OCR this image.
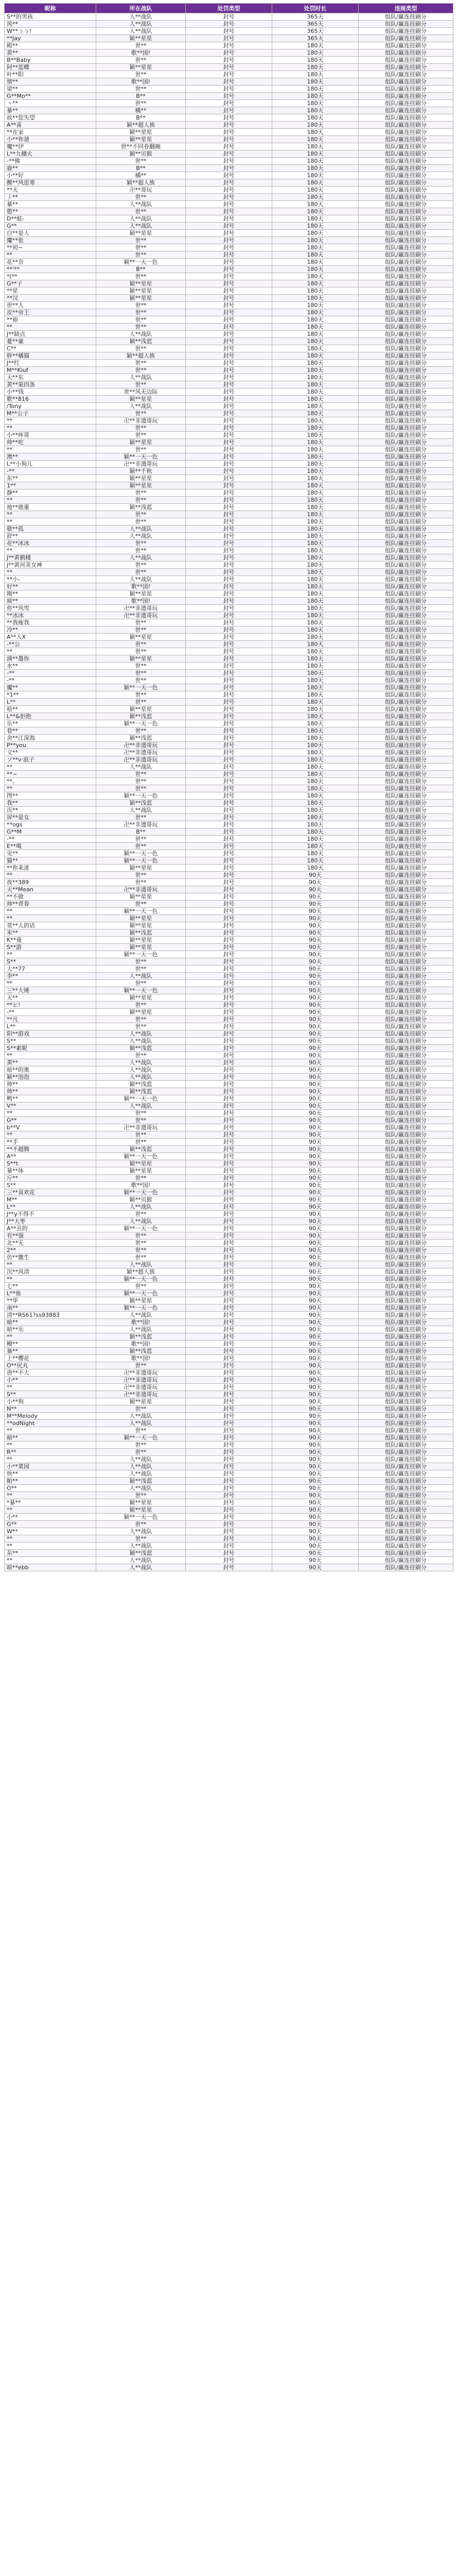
昵称	所在战队	处罚类型	处罚时长	违规类型
S**的男孩	人**战队	封号	365天	组队/赢连挂刷分
风**	人**战队	封号	365天	组队/赢连挂刷分
W**ㄋㄋ!	人**战队	封号	365天	组队/赢连挂刷分
**Jay	颖**星星	封号	365天	组队/赢连挂刷分
殿**	世**	封号	180天	组队/赢连挂刷分
黄**	歌**国!	封号	180天	组队/赢连挂刷分
B**Baby	世**	封号	180天	组队/赢连挂刷分
阿**蓝蝶	颖**星星	封号	180天	组队/赢连挂刷分
叶**阳	世**	封号	180天	组队/赢连挂刷分
情**	歌**国!	封号	180天	组队/赢连挂刷分
梁**	世**	封号	180天	组队/赢连挂刷分
G**Mo**	B**	封号	180天	组队/赢连挂刷分
丶**	世**	封号	180天	组队/赢连挂刷分
暴**	橘**	封号	180天	组队/赢连挂刷分
故**您失望	B**	封号	180天	组队/赢连挂刷分
A**喜	颖**超人族	封号	180天	组队/赢连挂刷分
**在家	颖**星星	封号	180天	组队/赢连挂刷分
小**你爸	颖**星星	封号	180天	组队/赢连挂刷分
魔**伊	世**不同卷翻碗	封号	180天	组队/赢连挂刷分
L**九穗火	颖**贝猴	封号	180天	组队/赢连挂刷分
-**佛	世**	封号	180天	组队/赢连挂刷分
鹿**	B**	封号	180天	组队/赢连挂刷分
小**好	橘**	封号	180天	组队/赢连挂刷分
醒**风思寒	颖**超人族	封号	180天	组队/赢连挂刷分
**天	卍**哥玩	封号	180天	组队/赢连挂刷分
丿**	世**	封号	180天	组队/赢连挂刷分
暴**	人**战队	封号	180天	组队/赢连挂刷分
憨**	世**	封号	180天	组队/赢连挂刷分
D**蛙-	人**战队	封号	180天	组队/赢连挂刷分
G**	人**战队	封号	180天	组队/赢连挂刷分
白**是人	颖**星星	封号	180天	组队/赢连挂刷分
魔**张	世**	封号	180天	组队/赢连挂刷分
**初~	世**	封号	180天	组队/赢连挂刷分
**	世**	封号	180天	组队/赢连挂刷分
花**奈	颖**一天一色	封号	180天	组队/赢连挂刷分
**'**	B**	封号	180天	组队/赢连挂刷分
*(**	世**	封号	180天	组队/赢连挂刷分
G**子	颖**星星	封号	180天	组队/赢连挂刷分
**星	颖**星星	封号	180天	组队/赢连挂刷分
**汉	颖**星星	封号	180天	组队/赢连挂刷分
世**人	世**	封号	180天	组队/赢连挂刷分
皮**帝王	世**	封号	180天	组队/赢连挂刷分
**裕	世**	封号	180天	组队/赢连挂刷分
**	世**	封号	180天	组队/赢连挂刷分
J**缺点	人**战队	封号	180天	组队/赢连挂刷分
憂**豪	颖**浅蓝	封号	180天	组队/赢连挂刷分
C**	世**	封号	180天	组队/赢连挂刷分
胖**橘猫	颖**超人族	封号	180天	组队/赢连挂刷分
J**红	世**	封号	180天	组队/赢连挂刷分
M**Kiuf	世**	封号	180天	组队/赢连挂刷分
天**东	人**战队	封号	180天	组队/赢连挂刷分
黄**第四条	世**	封号	180天	组队/赢连挂刷分
小**钱	世**风无边际	封号	180天	组队/赢连挂刷分
歌**816	颖**星星	封号	180天	组队/赢连挂刷分
/Tony	人**战队	封号	180天	组队/赢连挂刷分
M**公子	世**	封号	180天	组队/赢连挂刷分
**	卍**非遗哥玩	封号	180天	组队/赢连挂刷分
**	世**	封号	180天	组队/赢连挂刷分
小**疼哥	世**	封号	180天	组队/赢连挂刷分
帅**吃	颖**星星	封号	180天	组队/赢连挂刷分
**	世**	封号	180天	组队/赢连挂刷分
澳**	颖**一天一色	封号	180天	组队/赢连挂刷分
L**小狗儿	卍**非遗哥玩	封号	180天	组队/赢连挂刷分
-**	颖**千秋	封号	180天	组队/赢连挂刷分
东**	颖**星星	封号	180天	组队/赢连挂刷分
1**	颖**星星	封号	180天	组队/赢连挂刷分
静**	世**	封号	180天	组队/赢连挂刷分
**	世**	封号	180天	组队/赢连挂刷分
地**就重	颖**浅蓝	封号	180天	组队/赢连挂刷分
**	世**	封号	180天	组队/赢连挂刷分
**	世**	封号	180天	组队/赢连挂刷分
敬**孤	人**战队	封号	180天	组队/赢连挂刷分
舒**	人**战队	封号	180天	组队/赢连挂刷分
花**冰冰	世**	封号	180天	组队/赢连挂刷分
**	世**	封号	180天	组队/赢连挂刷分
J**黄鹤楼	人**战队	封号	180天	组队/赢连挂刷分
j**黄河美女神	世**	封号	180天	组队/赢连挂刷分
**	世**	封号	180天	组队/赢连挂刷分
**小-	人**战队	封号	180天	组队/赢连挂刷分
好**	歌**国!	封号	180天	组队/赢连挂刷分
刚**	颖**星星	封号	180天	组队/赢连挂刷分
疯**	歌**国!	封号	180天	组队/赢连挂刷分
你**风雪	卍**非遗哥玩	封号	180天	组队/赢连挂刷分
**冰冰	卍**非遗哥玩	封号	180天	组队/赢连挂刷分
**我瘦我	世**	封号	180天	组队/赢连挂刷分
冷**	世**	封号	180天	组队/赢连挂刷分
A**人X	颖**星星	封号	180天	组队/赢连挂刷分
-**公	世**	封号	180天	组队/赢连挂刷分
**	世**	封号	180天	组队/赢连挂刷分
满**墨你	颖**星星	封号	180天	组队/赢连挂刷分
水**	世**	封号	180天	组队/赢连挂刷分
-**	世**	封号	180天	组队/赢连挂刷分
-**	世**	封号	180天	组队/赢连挂刷分
魔**	颖**一天一色	封号	180天	组队/赢连挂刷分
*1**	世**	封号	180天	组队/赢连挂刷分
L**	世**	封号	180天	组队/赢连挂刷分
哈**	颖**星星	封号	180天	组队/赢连挂刷分
L**&拒绝	颖**浅蓝	封号	180天	组队/赢连挂刷分
乐**	颖**一天一色	封号	180天	组队/赢连挂刷分
巷**	世**	封号	180天	组队/赢连挂刷分
舍**江深海	颖**浅蓝	封号	180天	组队/赢连挂刷分
P**you	卍**非遗哥玩	封号	180天	组队/赢连挂刷分
文**	卍**非遗哥玩	封号	180天	组队/赢连挂刷分
ソ**v·浪子	卍**非遗哥玩	封号	180天	组队/赢连挂刷分
**	人**战队	封号	180天	组队/赢连挂刷分
**~	世**	封号	180天	组队/赢连挂刷分
**。	世**	封号	180天	组队/赢连挂刷分
**	世**	封号	180天	组队/赢连挂刷分
图**	颖**一天一色	封号	180天	组队/赢连挂刷分
我**	颖**浅蓝	封号	180天	组队/赢连挂刷分
沉**	人**战队	封号	180天	组队/赢连挂刷分
屏**是女	世**	封号	180天	组队/赢连挂刷分
**ogs	卍**非遗哥玩	封号	180天	组队/赢连挂刷分
G**M	B**	封号	180天	组队/赢连挂刷分
-**	世**	封号	180天	组队/赢连挂刷分
E**喝	世**	封号	180天	组队/赢连挂刷分
见**	颖**一天一色	封号	180天	组队/赢连挂刷分
猫**	颖**一天一色	封号	180天	组队/赢连挂刷分
**你来迷	颖**星星	封号	180天	组队/赢连挂刷分
**	世**	封号	90天	组队/赢连挂刷分
夜**389	世**	封号	90天	组队/赢连挂刷分
天**Mean	卍**非遗哥玩	封号	90天	组队/赢连挂刷分
**不做	颖**星星	封号	90天	组队/赢连挂刷分
帅**青春	世**	封号	90天	组队/赢连挂刷分
**	颖**一天一色	封号	90天	组队/赢连挂刷分
**	颖**星星	封号	90天	组队/赢连挂刷分
莫**人的话	颖**星星	封号	90天	组队/赢连挂刷分
米**	颖**浅蓝	封号	90天	组队/赢连挂刷分
K**曼	颖**星星	封号	90天	组队/赢连挂刷分
S**游	颖**星星	封号	90天	组队/赢连挂刷分
**	颖**一天一色	封号	90天	组队/赢连挂刷分
S**	世**	封号	90天	组队/赢连挂刷分
大**77	世**	封号	90天	组队/赢连挂刷分
李**	人**战队	封号	90天	组队/赢连挂刷分
**	世**	封号	90天	组队/赢连挂刷分
三**大锤	颖**一天一色	封号	90天	组队/赢连挂刷分
天**	颖**星星	封号	90天	组队/赢连挂刷分
**ヒ!	世**	封号	90天	组队/赢连挂刷分
-**	颖**星星	封号	90天	组队/赢连挂刷分
**凡	世**	封号	90天	组队/赢连挂刷分
L**	世**	封号	90天	组队/赢连挂刷分
阳**游戏	人**战队	封号	90天	组队/赢连挂刷分
S**	人**战队	封号	90天	组队/赢连挂刷分
S**素昵	颖**浅蓝	封号	90天	组队/赢连挂刷分
**	世**	封号	90天	组队/赢连挂刷分
黄**	人**战队	封号	90天	组队/赢连挂刷分
暗**的奥	人**战队	封号	90天	组队/赢连挂刷分
颖**泡泡	人**战队	封号	90天	组队/赢连挂刷分
帅**	颖**浅蓝	封号	90天	组队/赢连挂刷分
帅**	颖**浅蓝	封号	90天	组队/赢连挂刷分
鸭**	颖**一天一色	封号	90天	组队/赢连挂刷分
V**	人**战队	封号	90天	组队/赢连挂刷分
**	世**	封号	90天	组队/赢连挂刷分
G**	世**	封号	90天	组队/赢连挂刷分
b**V	卍**非遗哥玩	封号	90天	组队/赢连挂刷分
**	世**	封号	90天	组队/赢连挂刷分
**手	世**	封号	90天	组队/赢连挂刷分
**不超腾	颖**浅蓝	封号	90天	组队/赢连挂刷分
A**	颖**一天一色	封号	90天	组队/赢连挂刷分
S**t	颖**星星	封号	90天	组队/赢连挂刷分
暴**体	颖**星星	封号	90天	组队/赢连挂刷分
斤**	世**	封号	90天	组队/赢连挂刷分
S**	歌**国!	封号	90天	组队/赢连挂刷分
三**喜欢花	颖**一天一色	封号	90天	组队/赢连挂刷分
M**	颖**贝猴	封号	90天	组队/赢连挂刷分
L**	人**战队	封号	90天	组队/赢连挂刷分
J**y不得不	世**	封号	90天	组队/赢连挂刷分
J**大枣	人**战队	封号	90天	组队/赢连挂刷分
A**丑的	颖**一天一色	封号	90天	组队/赢连挂刷分
有**强	世**	封号	90天	组队/赢连挂刷分
北**无	世**	封号	90天	组队/赢连挂刷分
2**	世**	封号	90天	组队/赢连挂刷分
仿**撒生	世**	封号	90天	组队/赢连挂刷分
**	人**战队	封号	90天	组队/赢连挂刷分
沉**风清	颖**超人族	封号	90天	组队/赢连挂刷分
**	颖**一天一色	封号	90天	组队/赢连挂刷分
七**	世**	封号	90天	组队/赢连挂刷分
L**鱼	颖**一天一色	封号	90天	组队/赢连挂刷分
**华	颖**星星	封号	90天	组队/赢连挂刷分
南**	颖**一天一色	封号	90天	组队/赢连挂刷分
清**RS61?ss93883	人**战队	封号	90天	组队/赢连挂刷分
暗**	歌**国!	封号	90天	组队/赢连挂刷分
暗**乐	人**战队	封号	90天	组队/赢连挂刷分
**	颖**浅蓝	封号	90天	组队/赢连挂刷分
鳗**	歌**国!	封号	90天	组队/赢连挂刷分
暴**	颖**浅蓝	封号	90天	组队/赢连挂刷分
上**樱花	歌**国!	封号	90天	组队/赢连挂刷分
O**尻丸	世**	封号	90天	组队/赢连挂刷分
唐**不大	卍**非遗哥玩	封号	90天	组队/赢连挂刷分
小**	卍**非遗哥玩	封号	90天	组队/赢连挂刷分
**	卍**非遗哥玩	封号	90天	组队/赢连挂刷分
S**	卍**非遗哥玩	封号	90天	组队/赢连挂刷分
小**狗	颖**星星	封号	90天	组队/赢连挂刷分
N**	世**	封号	90天	组队/赢连挂刷分
M**Melody	人**战队	封号	90天	组队/赢连挂刷分
**odNight	人**战队	封号	90天	组队/赢连挂刷分
**	世**	封号	90天	组队/赢连挂刷分
暗**	颖**一天一色	封号	90天	组队/赢连挂刷分
**	世**	封号	90天	组队/赢连挂刷分
R**	世**	封号	90天	组队/赢连挂刷分
**	人**战队	封号	90天	组队/赢连挂刷分
小**菜园	人**战队	封号	90天	组队/赢连挂刷分
快**	人**战队	封号	90天	组队/赢连挂刷分
帕**	颖**浅蓝	封号	90天	组队/赢连挂刷分
O**	人**战队	封号	90天	组队/赢连挂刷分
**	世**	封号	90天	组队/赢连挂刷分
*暴**	颖**星星	封号	90天	组队/赢连挂刷分
**	颖**星星	封号	90天	组队/赢连挂刷分
小**	颖**一天一色	封号	90天	组队/赢连挂刷分
G**	世**	封号	90天	组队/赢连挂刷分
W**	人**战队	封号	90天	组队/赢连挂刷分
**	世**	封号	90天	组队/赢连挂刷分
**	人**战队	封号	90天	组队/赢连挂刷分
东**	颖**浅蓝	封号	90天	组队/赢连挂刷分
**	人**战队	封号	90天	组队/赢连挂刷分
暗**ebb	人**战队	封号	90天	组队/赢连挂刷分
